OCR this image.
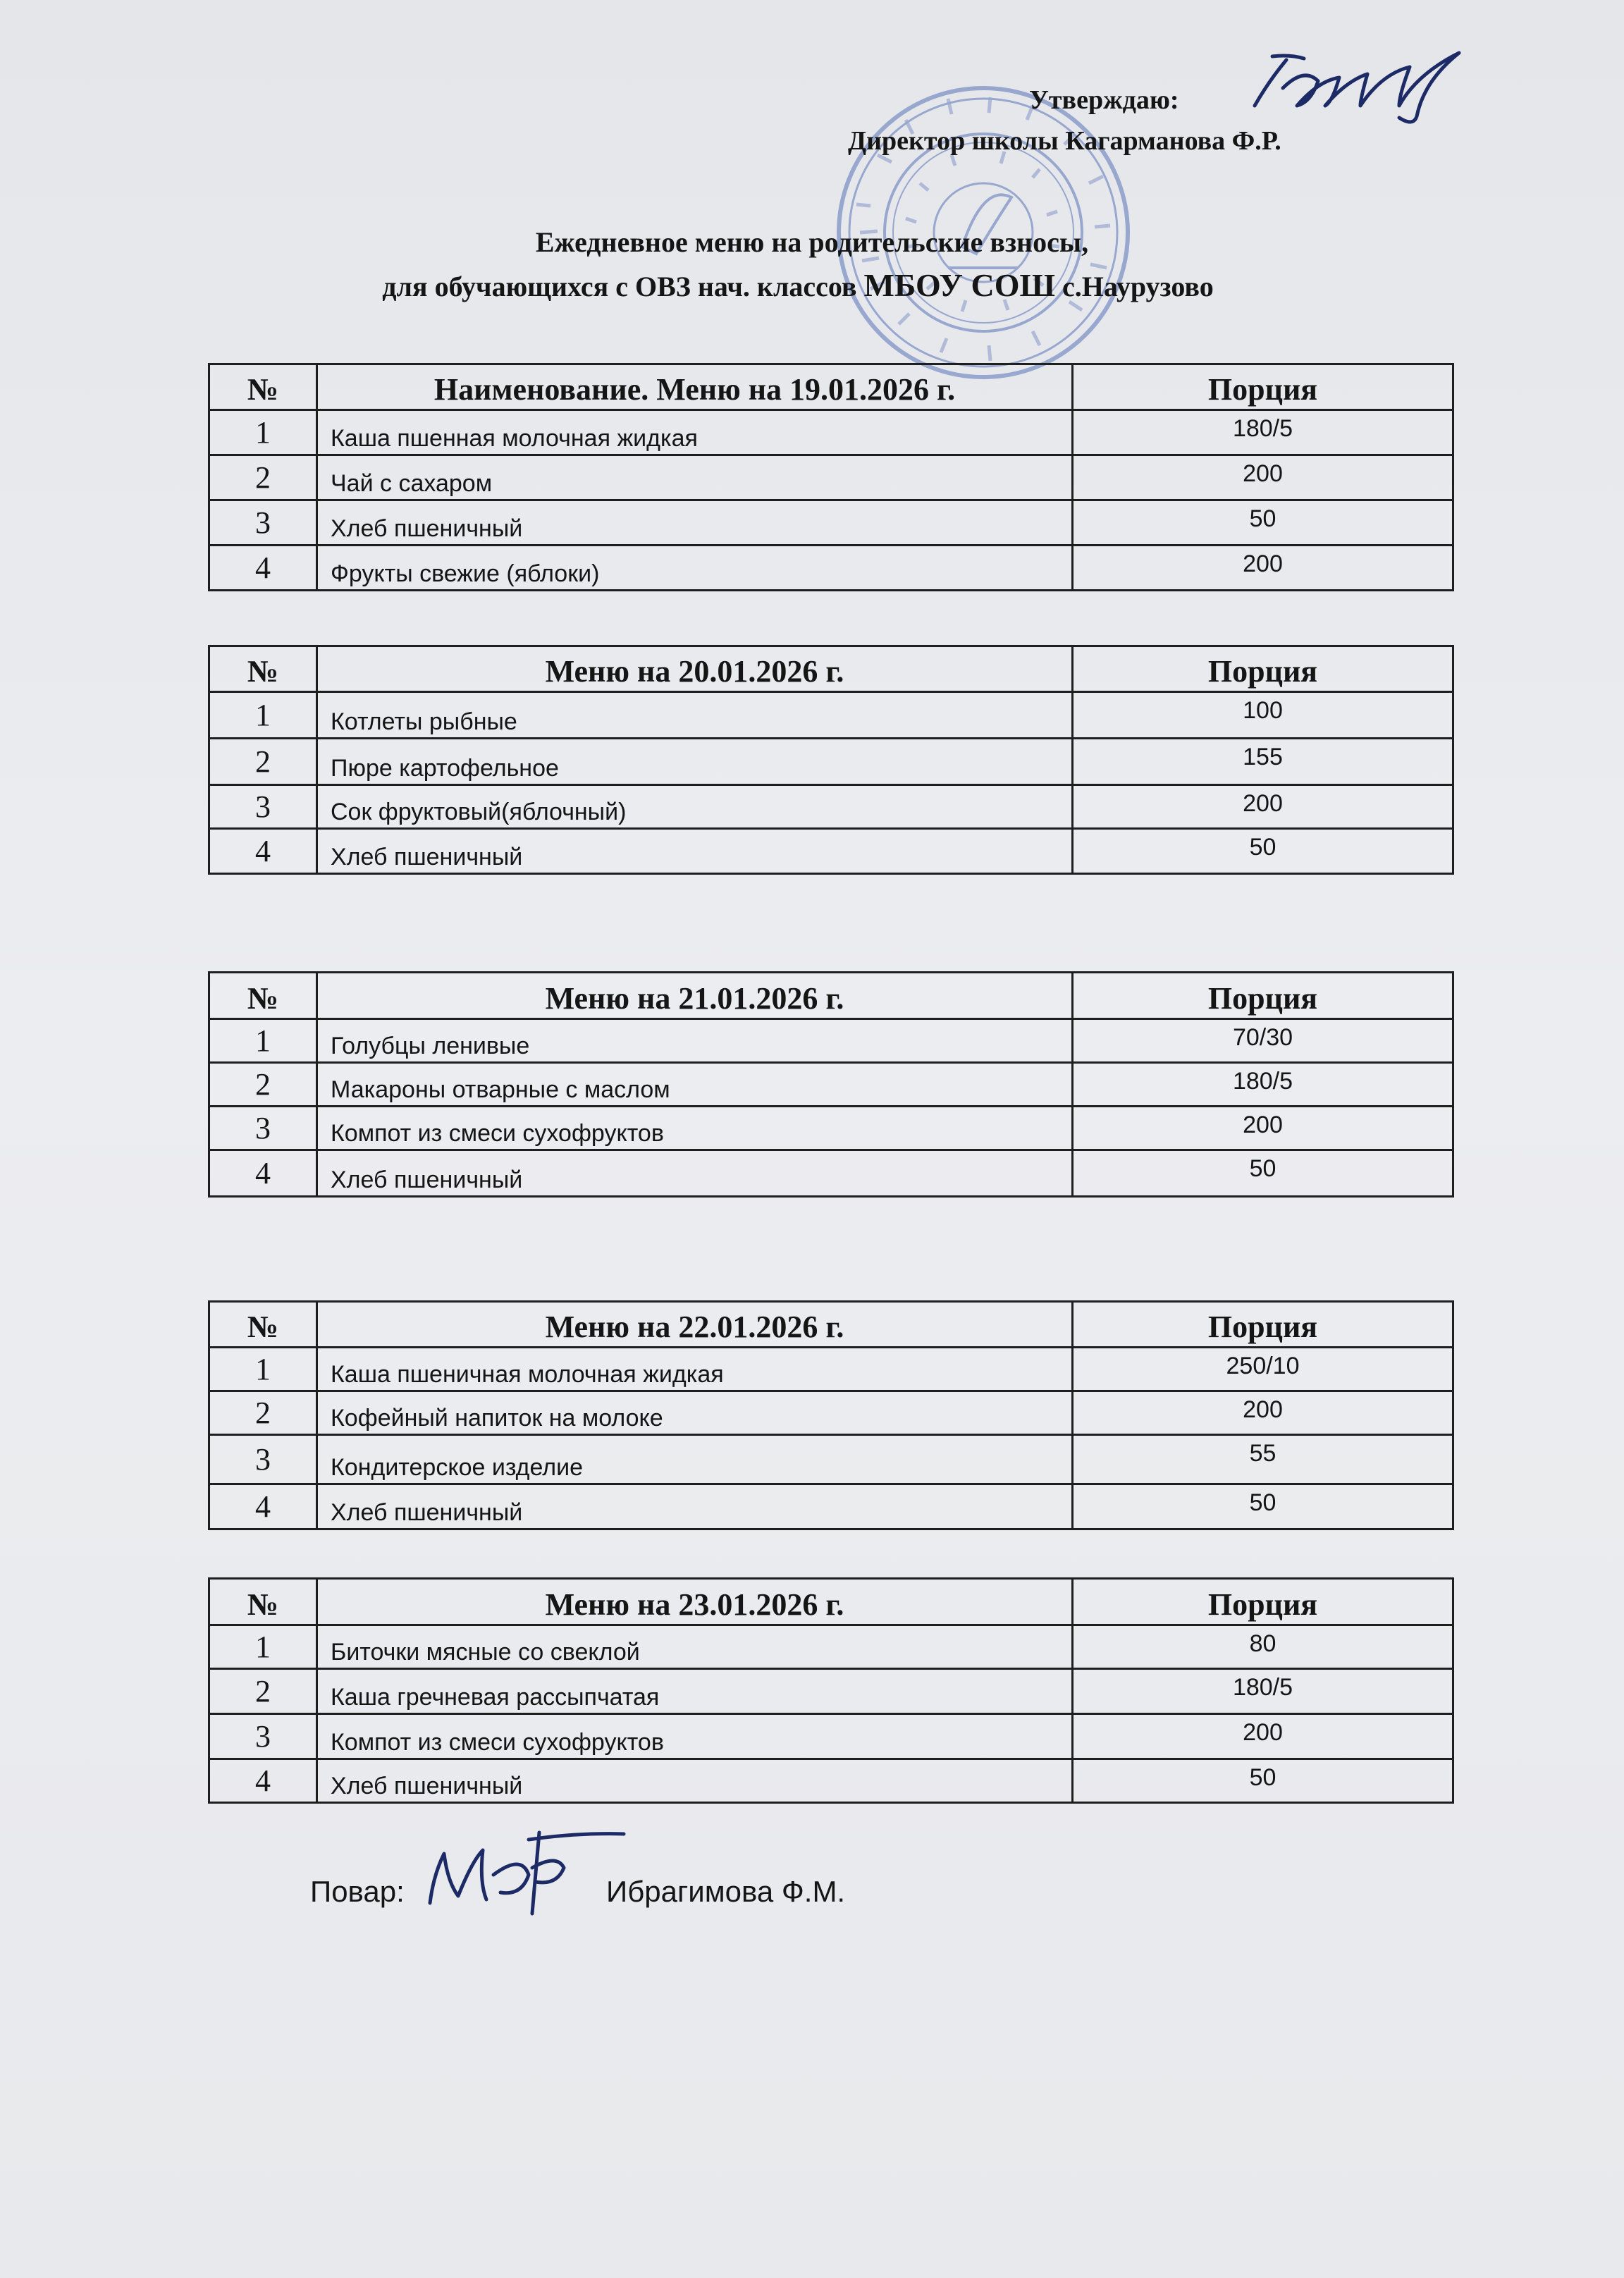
Утверждаю:
Директор школы Кагарманова Ф.Р.
Ежедневное меню на родительские взносы,
для обучающихся с ОВЗ нач. классов МБОУ СОШ с.Наурузово
№	Наименование. Меню на 19.01.2026 г.	Порция
1	Каша пшенная молочная жидкая	180/5
2	Чай с сахаром	200
3	Хлеб пшеничный	50
4	Фрукты свежие (яблоки)	200
№	Меню на 20.01.2026 г.	Порция
1	Котлеты рыбные	100
2	Пюре картофельное	155
3	Сок фруктовый(яблочный)	200
4	Хлеб пшеничный	50
№	Меню на 21.01.2026 г.	Порция
1	Голубцы ленивые	70/30
2	Макароны отварные с маслом	180/5
3	Компот из смеси сухофруктов	200
4	Хлеб пшеничный	50
№	Меню на 22.01.2026 г.	Порция
1	Каша пшеничная молочная жидкая	250/10
2	Кофейный напиток на молоке	200
3	Кондитерское изделие	55
4	Хлеб пшеничный	50
№	Меню на 23.01.2026 г.	Порция
1	Биточки мясные со свеклой	80
2	Каша гречневая рассыпчатая	180/5
3	Компот из смеси сухофруктов	200
4	Хлеб пшеничный	50
Повар:	Ибрагимова Ф.М.
